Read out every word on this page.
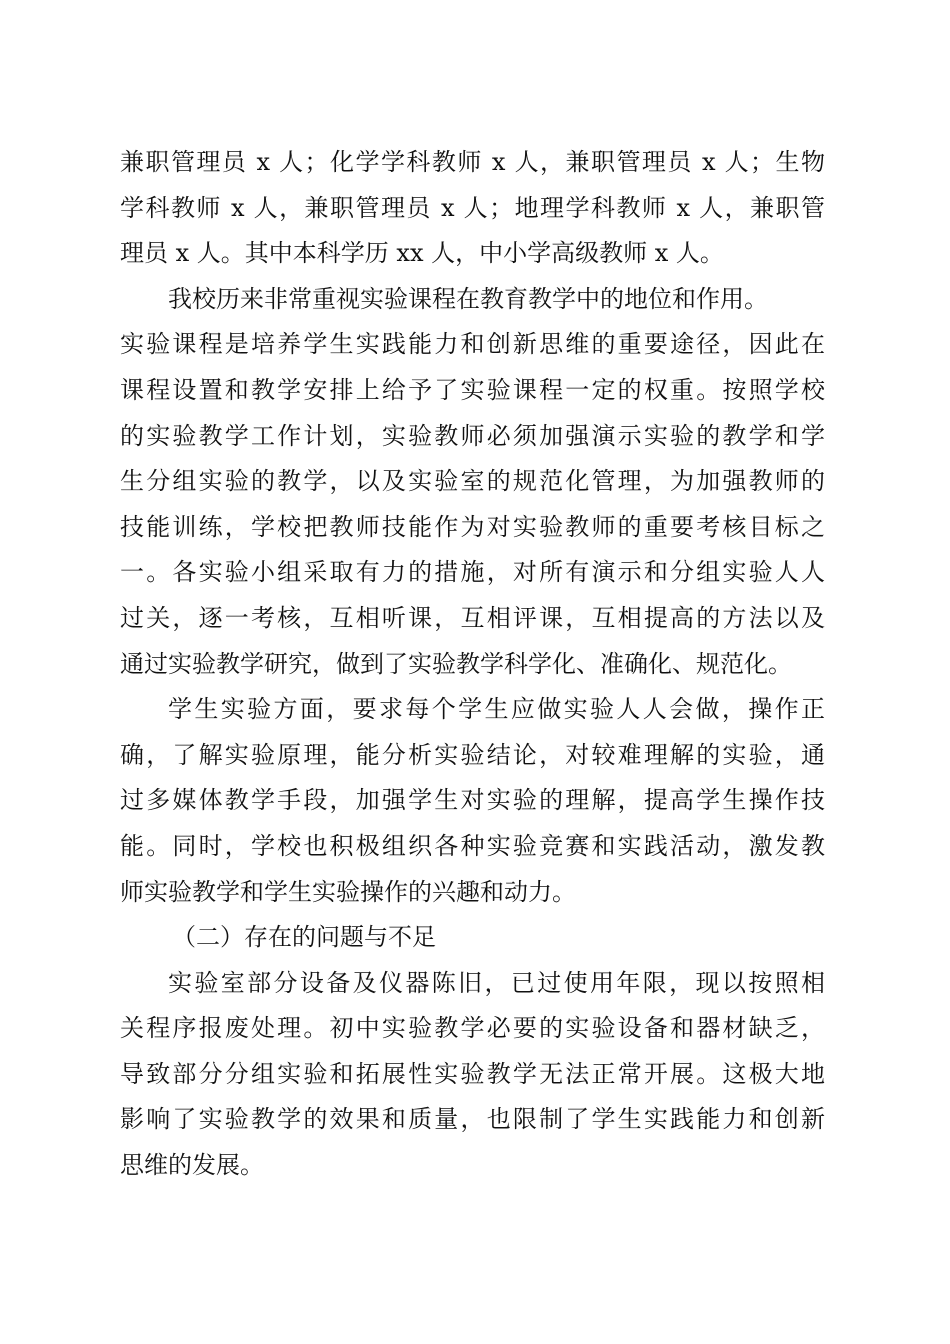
兼职管理员 x 人；化学学科教师 x 人，兼职管理员 x 人；生物
学科教师 x 人，兼职管理员 x 人；地理学科教师 x 人，兼职管
理员 x 人。其中本科学历 xx 人，中小学高级教师 x 人。
我校历来非常重视实验课程在教育教学中的地位和作用。
实验课程是培养学生实践能力和创新思维的重要途径，因此在
课程设置和教学安排上给予了实验课程一定的权重。按照学校
的实验教学工作计划，实验教师必须加强演示实验的教学和学
生分组实验的教学，以及实验室的规范化管理，为加强教师的
技能训练，学校把教师技能作为对实验教师的重要考核目标之
一。各实验小组采取有力的措施，对所有演示和分组实验人人
过关，逐一考核，互相听课，互相评课，互相提高的方法以及
通过实验教学研究，做到了实验教学科学化、准确化、规范化。
学生实验方面，要求每个学生应做实验人人会做，操作正
确，了解实验原理，能分析实验结论，对较难理解的实验，通
过多媒体教学手段，加强学生对实验的理解，提高学生操作技
能。同时，学校也积极组织各种实验竞赛和实践活动，激发教
师实验教学和学生实验操作的兴趣和动力。
（二）存在的问题与不足
实验室部分设备及仪器陈旧，已过使用年限，现以按照相
关程序报废处理。初中实验教学必要的实验设备和器材缺乏，
导致部分分组实验和拓展性实验教学无法正常开展。这极大地
影响了实验教学的效果和质量，也限制了学生实践能力和创新
思维的发展。
